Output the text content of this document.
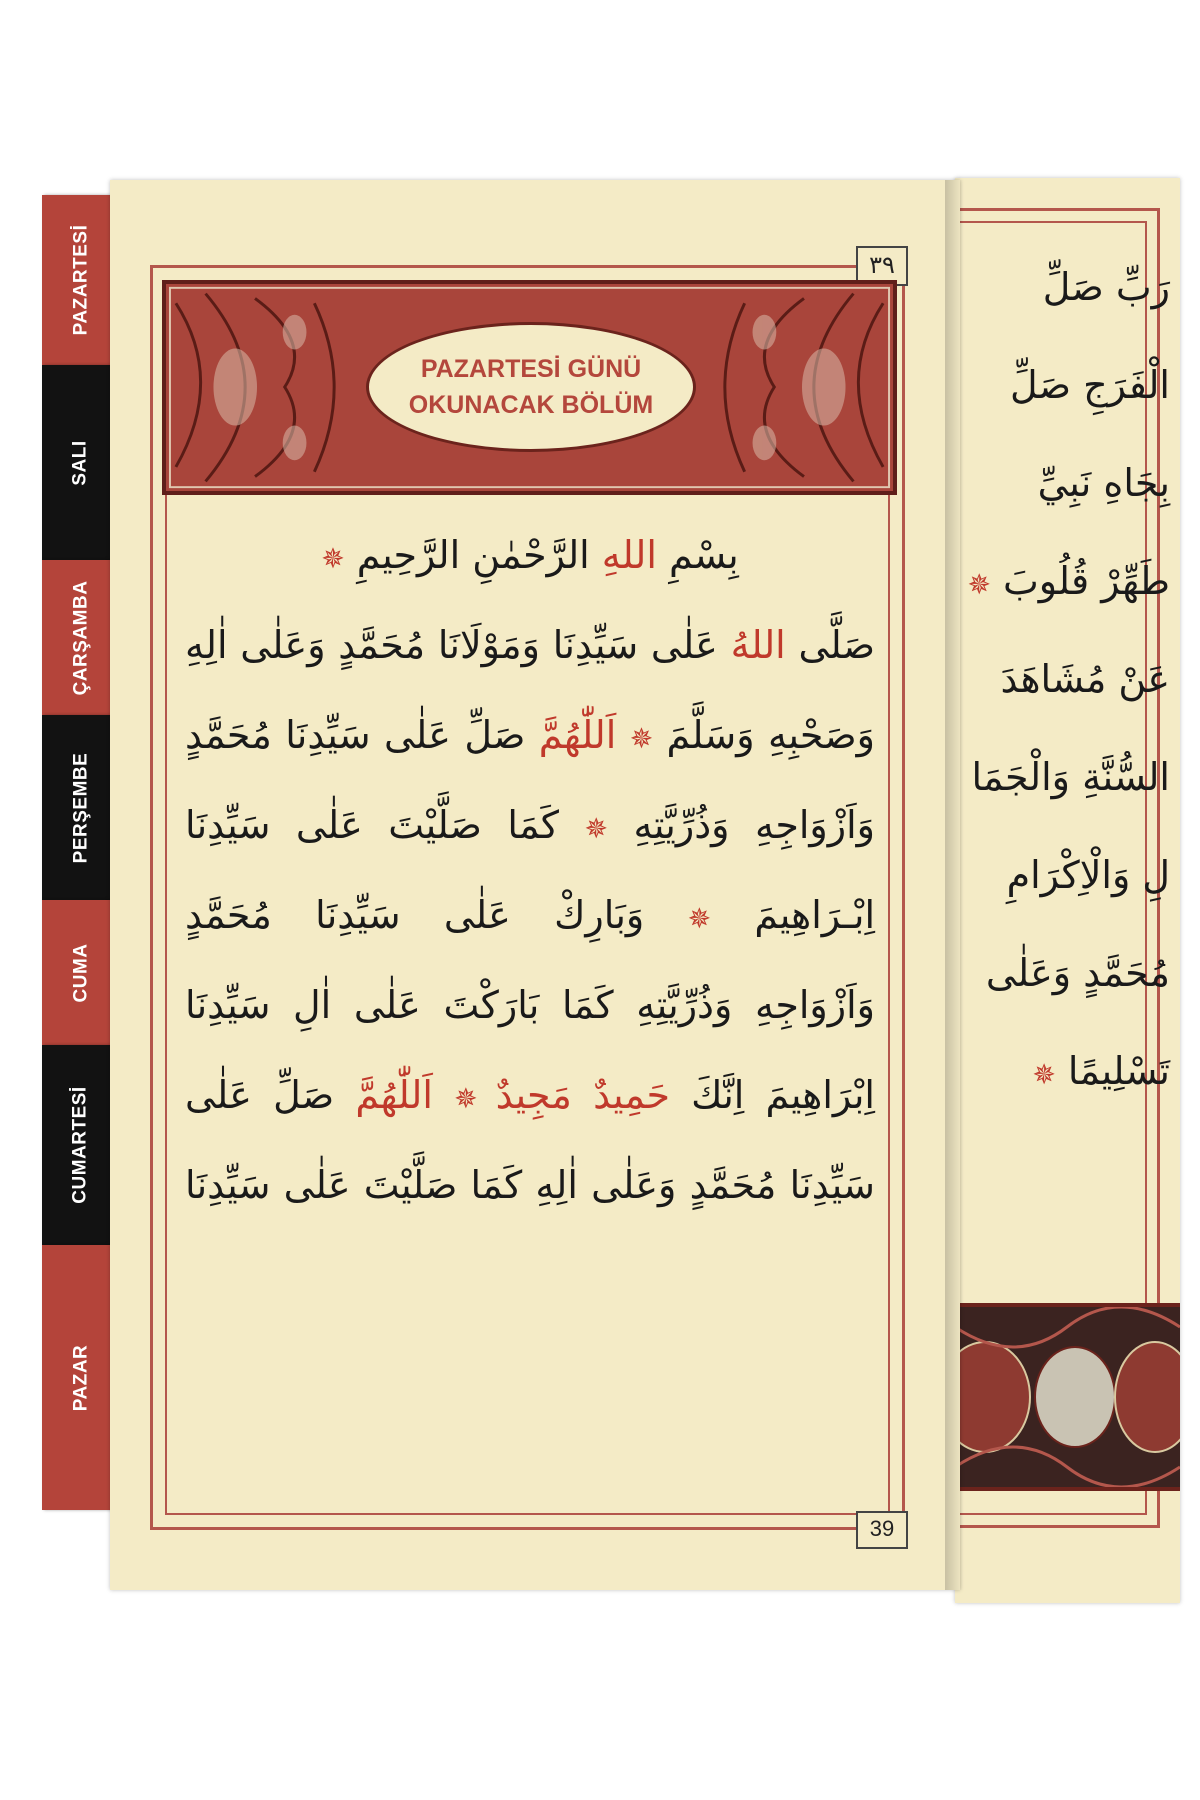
PAZARTESİ
SALI
ÇARŞAMBA
PERŞEMBE
CUMA
CUMARTESİ
PAZAR
رَبِّ صَلِّ
الْفَرَجِ صَلِّ
بِجَاهِ نَبِيِّ
طَهِّرْ قُلُوبَ ✵
عَنْ مُشَاهَدَ
السُّنَّةِ وَالْجَمَا
لِ وَالْاِكْرَامِ
مُحَمَّدٍ وَعَلٰى
تَسْلِيمًا ✵
٣٩
39
PAZARTESİ GÜNÜ
OKUNACAK BÖLÜM
بِسْمِ اللهِ الرَّحْمٰنِ الرَّحِيمِ ✵
صَلَّى اللهُ عَلٰى سَيِّدِنَا وَمَوْلَانَا مُحَمَّدٍ وَعَلٰى اٰلِهِ
وَصَحْبِهِ وَسَلَّمَ ✵ اَللّٰهُمَّ صَلِّ عَلٰى سَيِّدِنَا مُحَمَّدٍ
وَاَزْوَاجِهِ وَذُرِّيَّتِهِ ✵ كَمَا صَلَّيْتَ عَلٰى سَيِّدِنَا
اِبْـرَاهِيمَ ✵ وَبَارِكْ عَلٰى سَيِّدِنَا مُحَمَّدٍ
وَاَزْوَاجِهِ وَذُرِّيَّتِهِ كَمَا بَارَكْتَ عَلٰى اٰلِ سَيِّدِنَا
اِبْرَاهِيمَ اِنَّكَ حَمِيدٌ مَجِيدٌ ✵ اَللّٰهُمَّ صَلِّ عَلٰى
سَيِّدِنَا مُحَمَّدٍ وَعَلٰى اٰلِهِ كَمَا صَلَّيْتَ عَلٰى سَيِّدِنَا
